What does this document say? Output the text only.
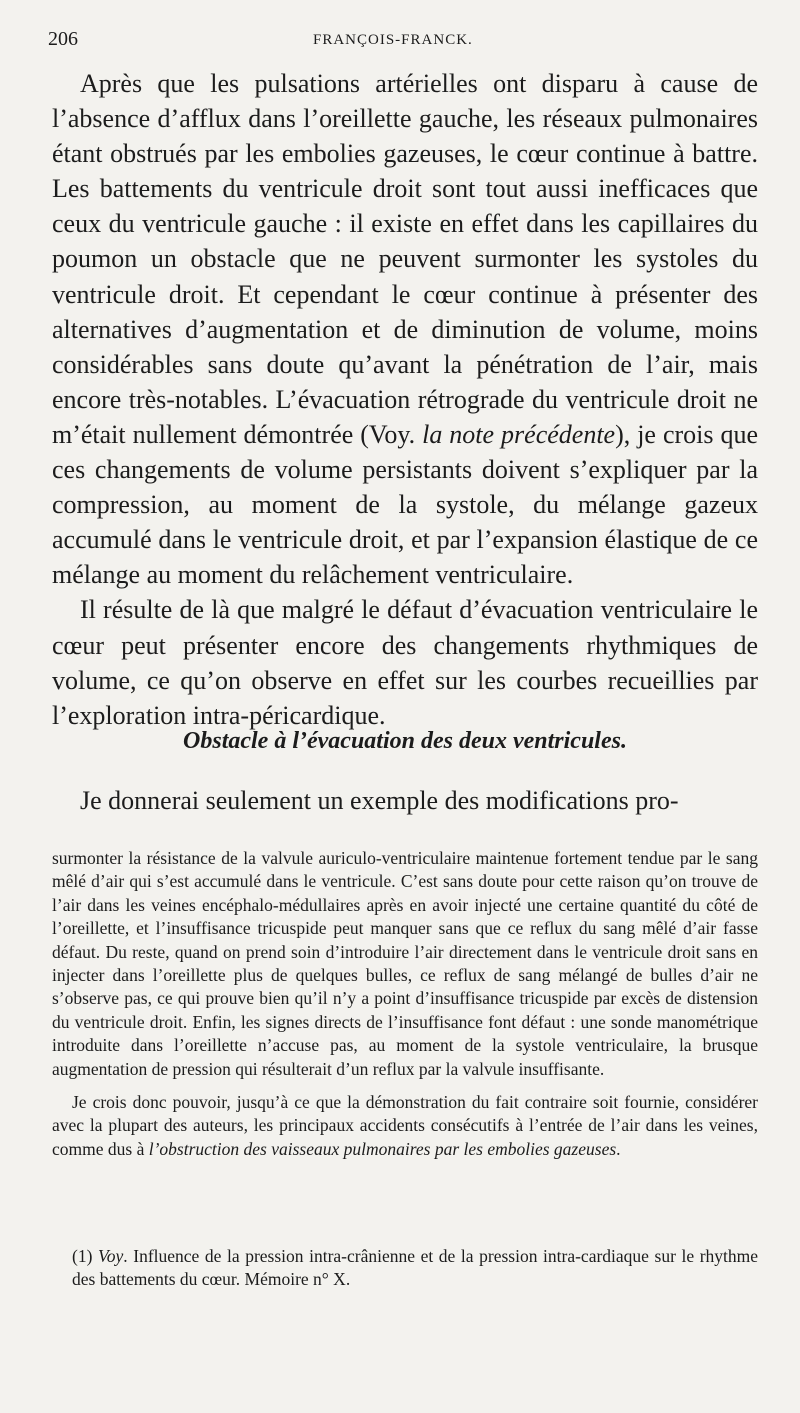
206	FRANÇOIS-FRANCK.

Après que les pulsations artérielles ont disparu à cause de l’absence d’afflux dans l’oreillette gauche, les réseaux pulmonaires étant obstrués par les embolies gazeuses, le cœur continue à battre. Les battements du ventricule droit sont tout aussi inefficaces que ceux du ventricule gauche : il existe en effet dans les capillaires du poumon un obstacle que ne peuvent surmonter les systoles du ventricule droit. Et cependant le cœur continue à présenter des alternatives d’augmentation et de diminution de volume, moins considérables sans doute qu’avant la pénétration de l’air, mais encore très-notables. L’évacuation rétrograde du ventricule droit ne m’était nullement démontrée (Voy. la note précédente), je crois que ces changements de volume persistants doivent s’expliquer par la compression, au moment de la systole, du mélange gazeux accumulé dans le ventricule droit, et par l’expansion élastique de ce mélange au moment du relâchement ventriculaire.

Il résulte de là que malgré le défaut d’évacuation ventriculaire le cœur peut présenter encore des changements rhythmiques de volume, ce qu’on observe en effet sur les courbes recueillies par l’exploration intra-péricardique.

Obstacle à l’évacuation des deux ventricules.
Je donnerai seulement un exemple des modifications pro-

surmonter la résistance de la valvule auriculo-ventriculaire maintenue fortement tendue par le sang mêlé d’air qui s’est accumulé dans le ventricule. C’est sans doute pour cette raison qu’on trouve de l’air dans les veines encéphalo-médullaires après en avoir injecté une certaine quantité du côté de l’oreillette, et l’insuffisance tricuspide peut manquer sans que ce reflux du sang mêlé d’air fasse défaut. Du reste, quand on prend soin d’introduire l’air directement dans le ventricule droit sans en injecter dans l’oreillette plus de quelques bulles, ce reflux de sang mélangé de bulles d’air ne s’observe pas, ce qui prouve bien qu’il n’y a point d’insuffisance tricuspide par excès de distension du ventricule droit. Enfin, les signes directs de l’insuffisance font défaut : une sonde manométrique introduite dans l’oreillette n’accuse pas, au moment de la systole ventriculaire, la brusque augmentation de pression qui résulterait d’un reflux par la valvule insuffisante.

Je crois donc pouvoir, jusqu’à ce que la démonstration du fait contraire soit fournie, considérer avec la plupart des auteurs, les principaux accidents consécutifs à l’entrée de l’air dans les veines, comme dus à l’obstruction des vaisseaux pulmonaires par les embolies gazeuses.

(1) Voy. Influence de la pression intra-crânienne et de la pression intra-cardiaque sur le rhythme des battements du cœur. Mémoire n° X.
